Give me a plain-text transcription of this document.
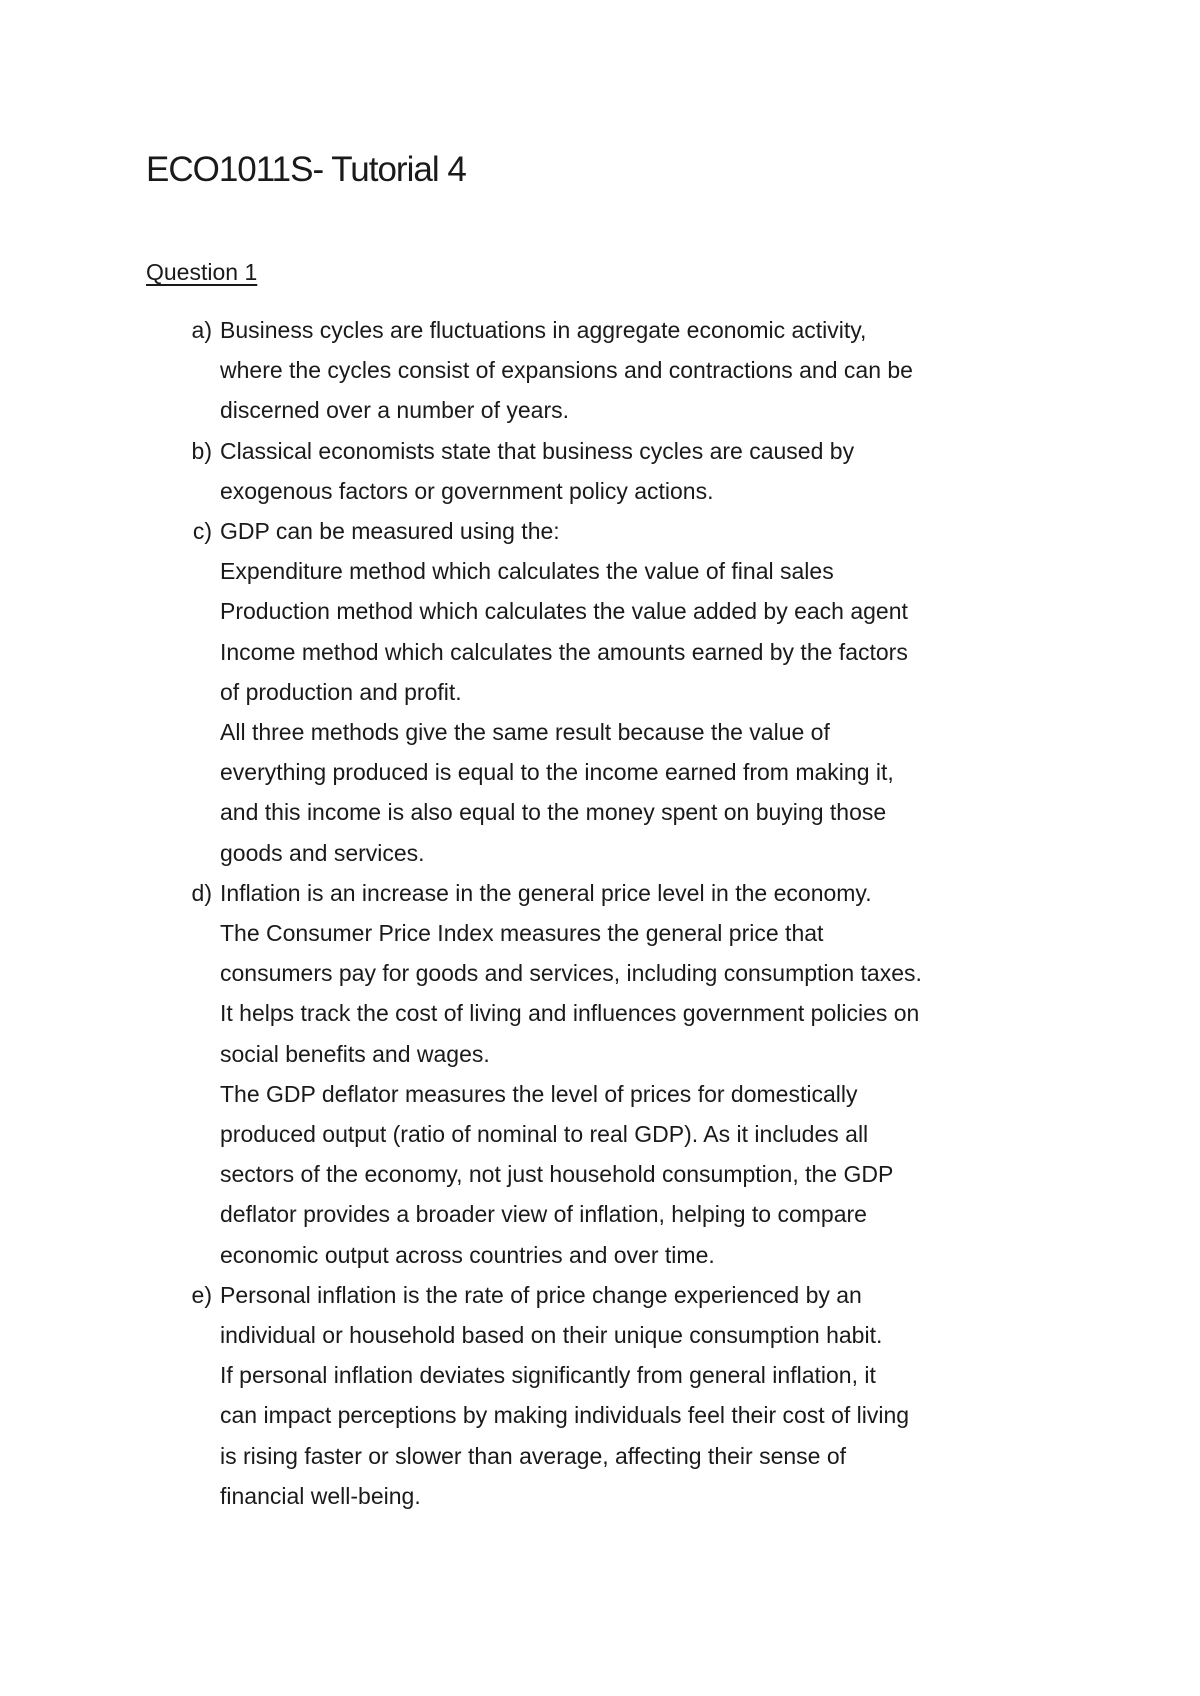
ECO1011S- Tutorial 4
Question 1
a) Business cycles are fluctuations in aggregate economic activity,
where the cycles consist of expansions and contractions and can be
discerned over a number of years.
b) Classical economists state that business cycles are caused by
exogenous factors or government policy actions.
c) GDP can be measured using the:
Expenditure method which calculates the value of final sales
Production method which calculates the value added by each agent
Income method which calculates the amounts earned by the factors
of production and profit.
All three methods give the same result because the value of
everything produced is equal to the income earned from making it,
and this income is also equal to the money spent on buying those
goods and services.
d) Inflation is an increase in the general price level in the economy.
The Consumer Price Index measures the general price that
consumers pay for goods and services, including consumption taxes.
It helps track the cost of living and influences government policies on
social benefits and wages.
The GDP deflator measures the level of prices for domestically
produced output (ratio of nominal to real GDP). As it includes all
sectors of the economy, not just household consumption, the GDP
deflator provides a broader view of inflation, helping to compare
economic output across countries and over time.
e) Personal inflation is the rate of price change experienced by an
individual or household based on their unique consumption habit.
If personal inflation deviates significantly from general inflation, it
can impact perceptions by making individuals feel their cost of living
is rising faster or slower than average, affecting their sense of
financial well-being.
